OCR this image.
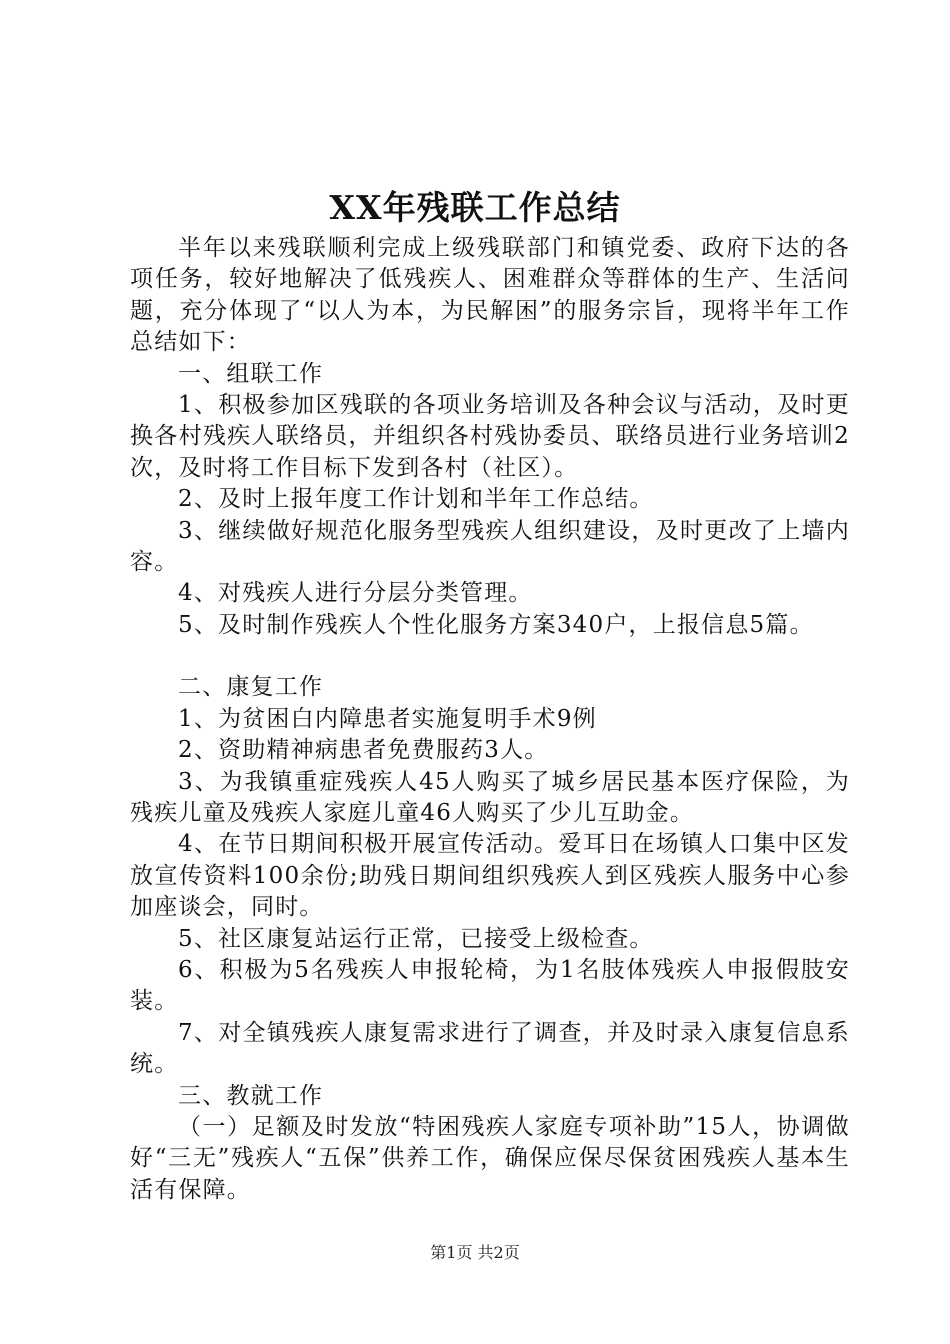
XX年残联工作总结

半年以来残联顺利完成上级残联部门和镇党委、政府下达的各项任务，较好地解决了低残疾人、困难群众等群体的生产、生活问题，充分体现了“以人为本，为民解困”的服务宗旨，现将半年工作总结如下：

一、组联工作

1、积极参加区残联的各项业务培训及各种会议与活动，及时更换各村残疾人联络员，并组织各村残协委员、联络员进行业务培训2次，及时将工作目标下发到各村（社区）。

2、及时上报年度工作计划和半年工作总结。

3、继续做好规范化服务型残疾人组织建设，及时更改了上墙内容。

4、对残疾人进行分层分类管理。

5、及时制作残疾人个性化服务方案340户，上报信息5篇。

二、康复工作

1、为贫困白内障患者实施复明手术9例

2、资助精神病患者免费服药3人。

3、为我镇重症残疾人45人购买了城乡居民基本医疗保险，为残疾儿童及残疾人家庭儿童46人购买了少儿互助金。

4、在节日期间积极开展宣传活动。爱耳日在场镇人口集中区发放宣传资料100余份;助残日期间组织残疾人到区残疾人服务中心参加座谈会，同时。

5、社区康复站运行正常，已接受上级检查。

6、积极为5名残疾人申报轮椅，为1名肢体残疾人申报假肢安装。

7、对全镇残疾人康复需求进行了调查，并及时录入康复信息系统。

三、教就工作

（一）足额及时发放“特困残疾人家庭专项补助”15人，协调做好“三无”残疾人“五保”供养工作，确保应保尽保贫困残疾人基本生活有保障。

第1页 共2页
